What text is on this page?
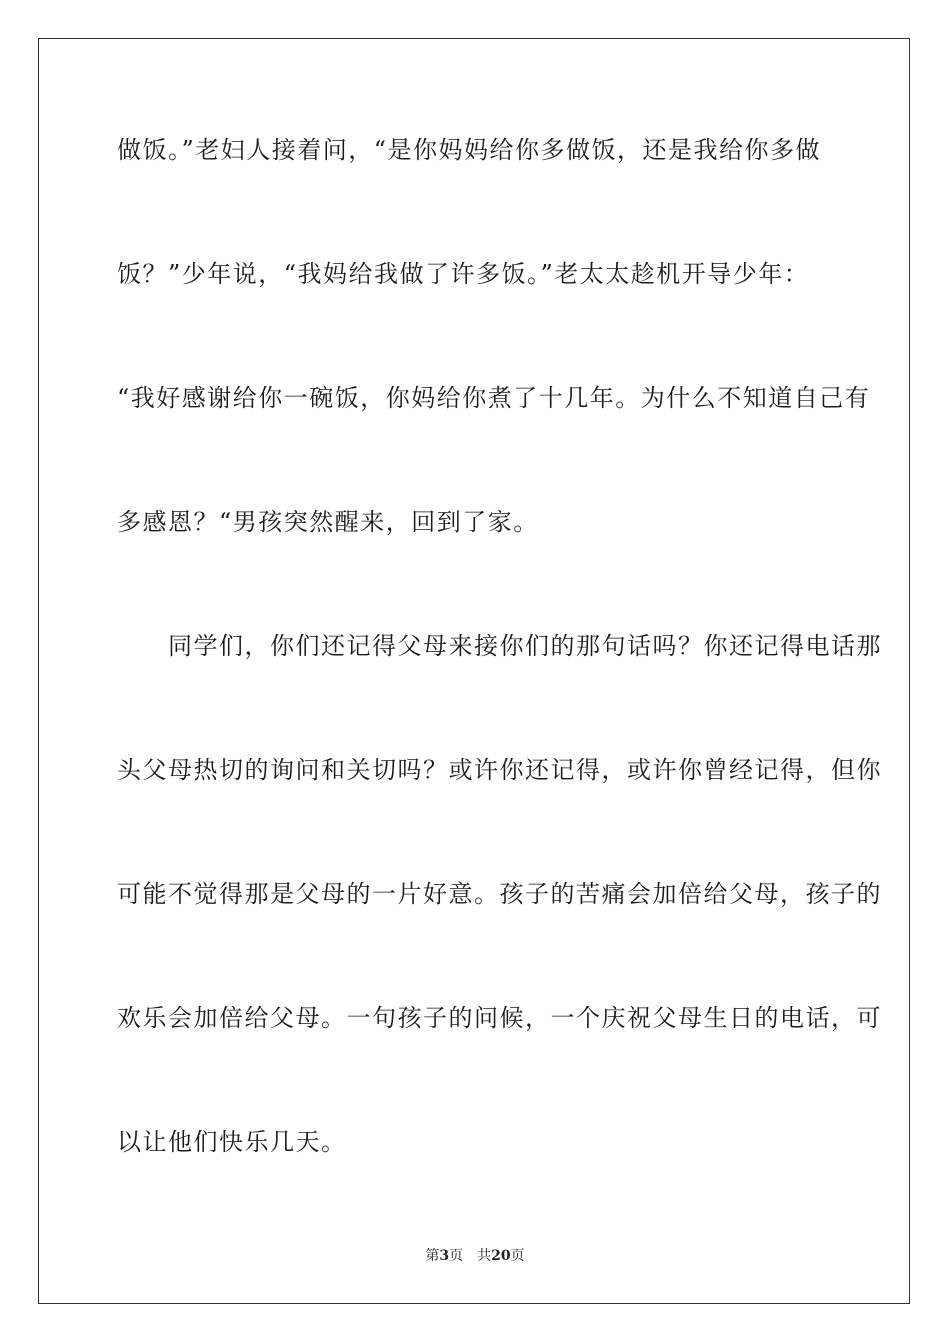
做饭。”老妇人接着问，“是你妈妈给你多做饭，还是我给你多做

饭？”少年说，“我妈给我做了许多饭。”老太太趁机开导少年：

“我好感谢给你一碗饭，你妈给你煮了十几年。为什么不知道自己有

多感恩？“男孩突然醒来，回到了家。

　　同学们，你们还记得父母来接你们的那句话吗？你还记得电话那

头父母热切的询问和关切吗？或许你还记得，或许你曾经记得，但你

可能不觉得那是父母的一片好意。孩子的苦痛会加倍给父母，孩子的

欢乐会加倍给父母。一句孩子的问候，一个庆祝父母生日的电话，可

以让他们快乐几天。

第3页 共20页
